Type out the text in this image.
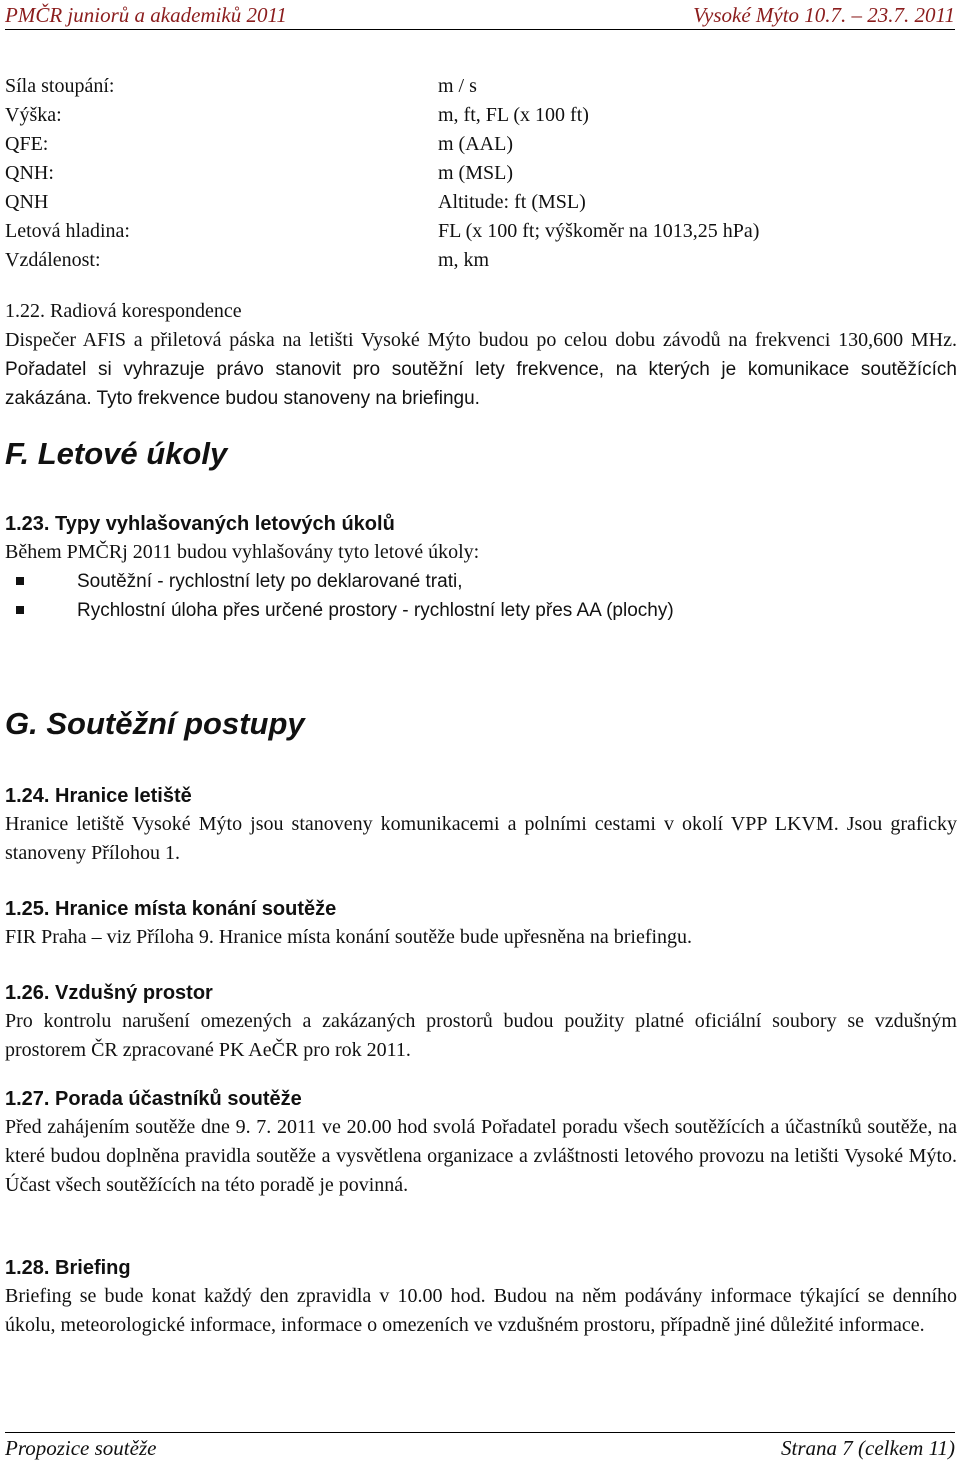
PMČR juniorů a akademiků 2011	Vysoké Mýto 10.7. – 23.7. 2011
Síla stoupání:	m / s
Výška:	m, ft, FL (x 100 ft)
QFE:	m (AAL)
QNH:	m (MSL)
QNH	Altitude: ft (MSL)
Letová hladina:	FL (x 100 ft; výškoměr na 1013,25 hPa)
Vzdálenost:	m, km
1.22. Radiová korespondence

Dispečer AFIS a přiletová páska na letišti Vysoké Mýto budou po celou dobu závodů na frekvenci 130,600 MHz. Pořadatel si vyhrazuje právo stanovit pro soutěžní lety frekvence, na kterých je komunikace soutěžících zakázána. Tyto frekvence budou stanoveny na briefingu.

F. Letové úkoly
1.23. Typy vyhlašovaných letových úkolů
Během PMČRj 2011 budou vyhlašovány tyto letové úkoly:
Soutěžní - rychlostní lety po deklarované trati,
Rychlostní úloha přes určené prostory - rychlostní lety přes AA (plochy)
G. Soutěžní postupy
1.24. Hranice letiště

Hranice letiště Vysoké Mýto jsou stanoveny komunikacemi a polními cestami v okolí VPP LKVM. Jsou graficky stanoveny Přílohou 1.

1.25. Hranice místa konání soutěže

FIR Praha – viz Příloha 9. Hranice místa konání soutěže bude upřesněna na briefingu.

1.26. Vzdušný prostor

Pro kontrolu narušení omezených a zakázaných prostorů budou použity platné oficiální soubory se vzdušným prostorem ČR zpracované PK AeČR pro rok 2011.

1.27. Porada účastníků soutěže

Před zahájením soutěže dne 9. 7. 2011 ve 20.00 hod svolá Pořadatel poradu všech soutěžících a účastníků soutěže, na které budou doplněna pravidla soutěže a vysvětlena organizace a zvláštnosti letového provozu na letišti Vysoké Mýto. Účast všech soutěžících na této poradě je povinná.

1.28. Briefing

Briefing se bude konat každý den zpravidla v 10.00 hod. Budou na něm podávány informace týkající se denního úkolu, meteorologické informace, informace o omezeních ve vzdušném prostoru, případně jiné důležité informace.

Propozice soutěže	Strana 7 (celkem 11)
